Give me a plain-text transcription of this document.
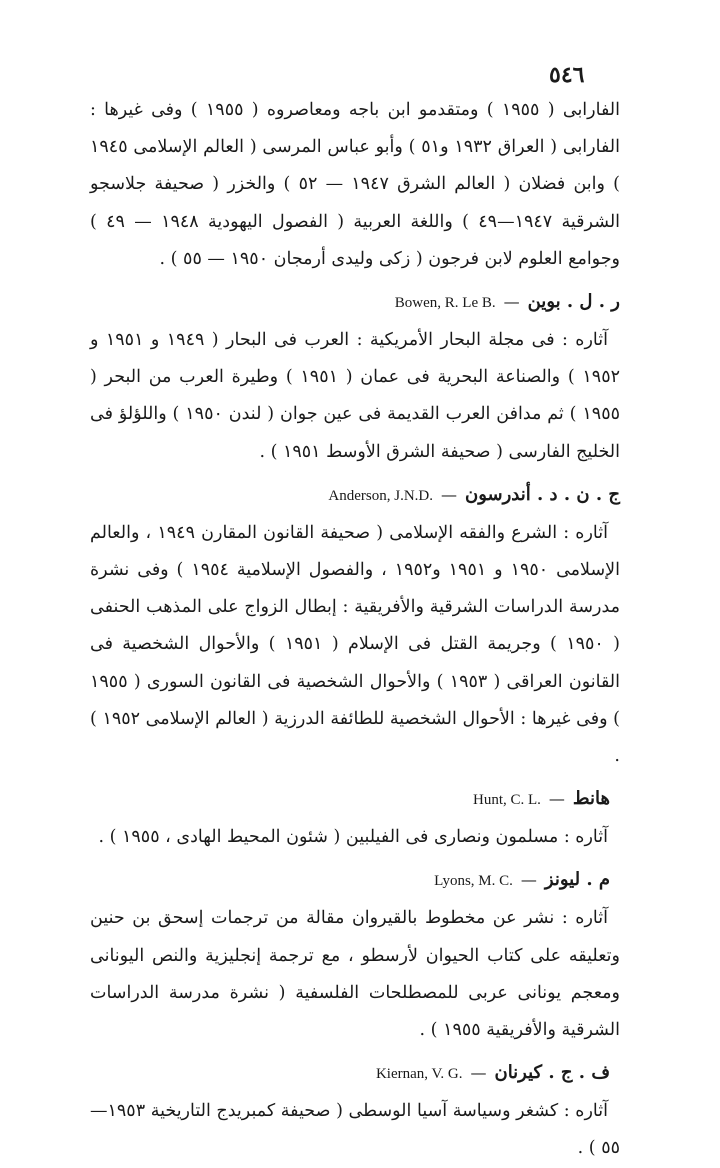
٥٤٦

الفارابى ( ١٩٥٥ ) ومتقدمو ابن باجه ومعاصروه ( ١٩٥٥ ) وفى غيرها : الفارابى ( العراق ١٩٣٢ و٥١ ) وأبو عباس المرسى ( العالم الإسلامى ١٩٤٥ ) وابن فضلان ( العالم الشرق ١٩٤٧ — ٥٢ ) والخزر ( صحيفة جلاسجو الشرقية ١٩٤٧—٤٩ ) واللغة العربية ( الفصول اليهودية ١٩٤٨ — ٤٩ ) وجوامع العلوم لابن فرجون ( زكى وليدى أرمجان ١٩٥٠ — ٥٥ ) .

ر . ل . بوين
—
Bowen, R. Le B.

آثاره : فى مجلة البحار الأمريكية : العرب فى البحار ( ١٩٤٩ و ١٩٥١ و ١٩٥٢ ) والصناعة البحرية فى عمان ( ١٩٥١ ) وطيرة العرب من البحر ( ١٩٥٥ ) ثم مدافن العرب القديمة فى عين جوان ( لندن ١٩٥٠ ) واللؤلؤ فى الخليج الفارسى ( صحيفة الشرق الأوسط ١٩٥١ ) .

ج . ن . د . أندرسون
—
Anderson, J.N.D.

آثاره : الشرع والفقه الإسلامى ( صحيفة القانون المقارن ١٩٤٩ ، والعالم الإسلامى ١٩٥٠ و ١٩٥١ و١٩٥٢ ، والفصول الإسلامية ١٩٥٤ ) وفى نشرة مدرسة الدراسات الشرقية والأفريقية : إبطال الزواج على المذهب الحنفى ( ١٩٥٠ ) وجريمة القتل فى الإسلام ( ١٩٥١ ) والأحوال الشخصية فى القانون العراقى ( ١٩٥٣ ) والأحوال الشخصية فى القانون السورى ( ١٩٥٥ ) وفى غيرها : الأحوال الشخصية للطائفة الدرزية ( العالم الإسلامى ١٩٥٢ ) .

هانط
—
Hunt, C. L.

آثاره : مسلمون ونصارى فى الفيلبين ( شئون المحيط الهادى ، ١٩٥٥ ) .

م . ليونز
—
Lyons, M. C.

آثاره : نشر عن مخطوط بالقيروان مقالة من ترجمات إسحق بن حنين وتعليقه على كتاب الحيوان لأرسطو ، مع ترجمة إنجليزية والنص اليونانى ومعجم يونانى عربى للمصطلحات الفلسفية ( نشرة مدرسة الدراسات الشرقية والأفريقية ١٩٥٥ ) .

ف . ج . كيرنان
—
Kiernan, V. G.

آثاره : كشغر وسياسة آسيا الوسطى ( صحيفة كمبريدج التاريخية ١٩٥٣— ٥٥ ) .
